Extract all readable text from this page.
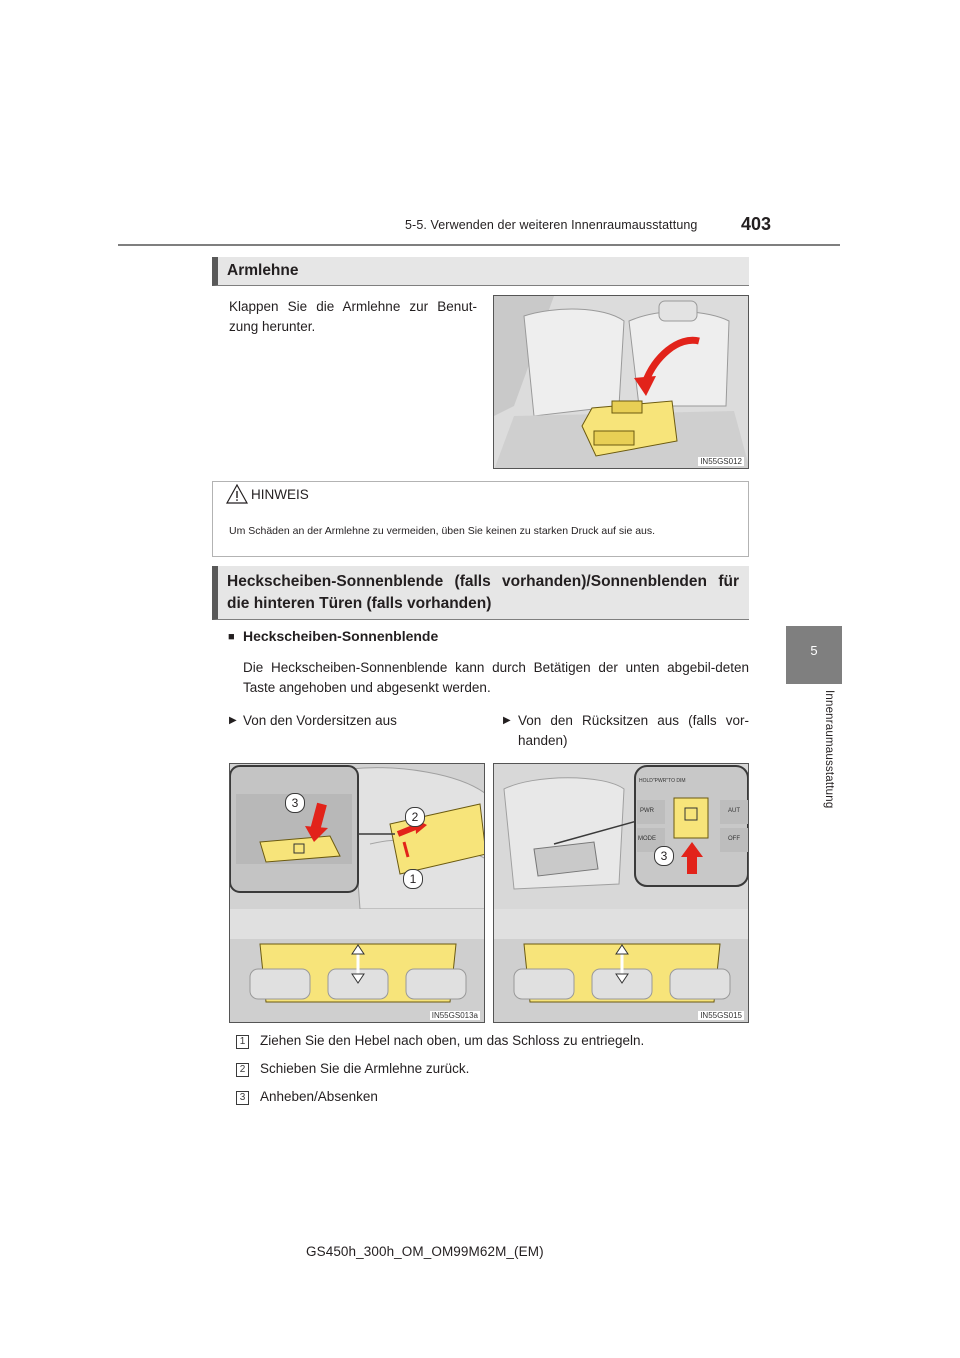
5-5. Verwenden der weiteren Innenraumausstattung 403
5
Innenraumausstattung
Armlehne
Klappen Sie die Armlehne zur Benut-zung herunter.
IN55GS012
HINWEIS
Um Schäden an der Armlehne zu vermeiden, üben Sie keinen zu starken Druck auf sie aus.
Heckscheiben-Sonnenblende (falls vorhanden)/Sonnenblenden für die hinteren Türen (falls vorhanden)
■ Heckscheiben-Sonnenblende
Die Heckscheiben-Sonnenblende kann durch Betätigen der unten abgebil-deten Taste angehoben und abgesenkt werden.
▶ Von den Vordersitzen aus	▶ Von den Rücksitzen aus (falls vor-handen)
IN55GS013a
3
2
1
HOLD"PWR"TO DIM
PWR
MODE
AUT
OFF
IN55GS015
3
1 Ziehen Sie den Hebel nach oben, um das Schloss zu entriegeln.
2 Schieben Sie die Armlehne zurück.
3 Anheben/Absenken
GS450h_300h_OM_OM99M62M_(EM)
